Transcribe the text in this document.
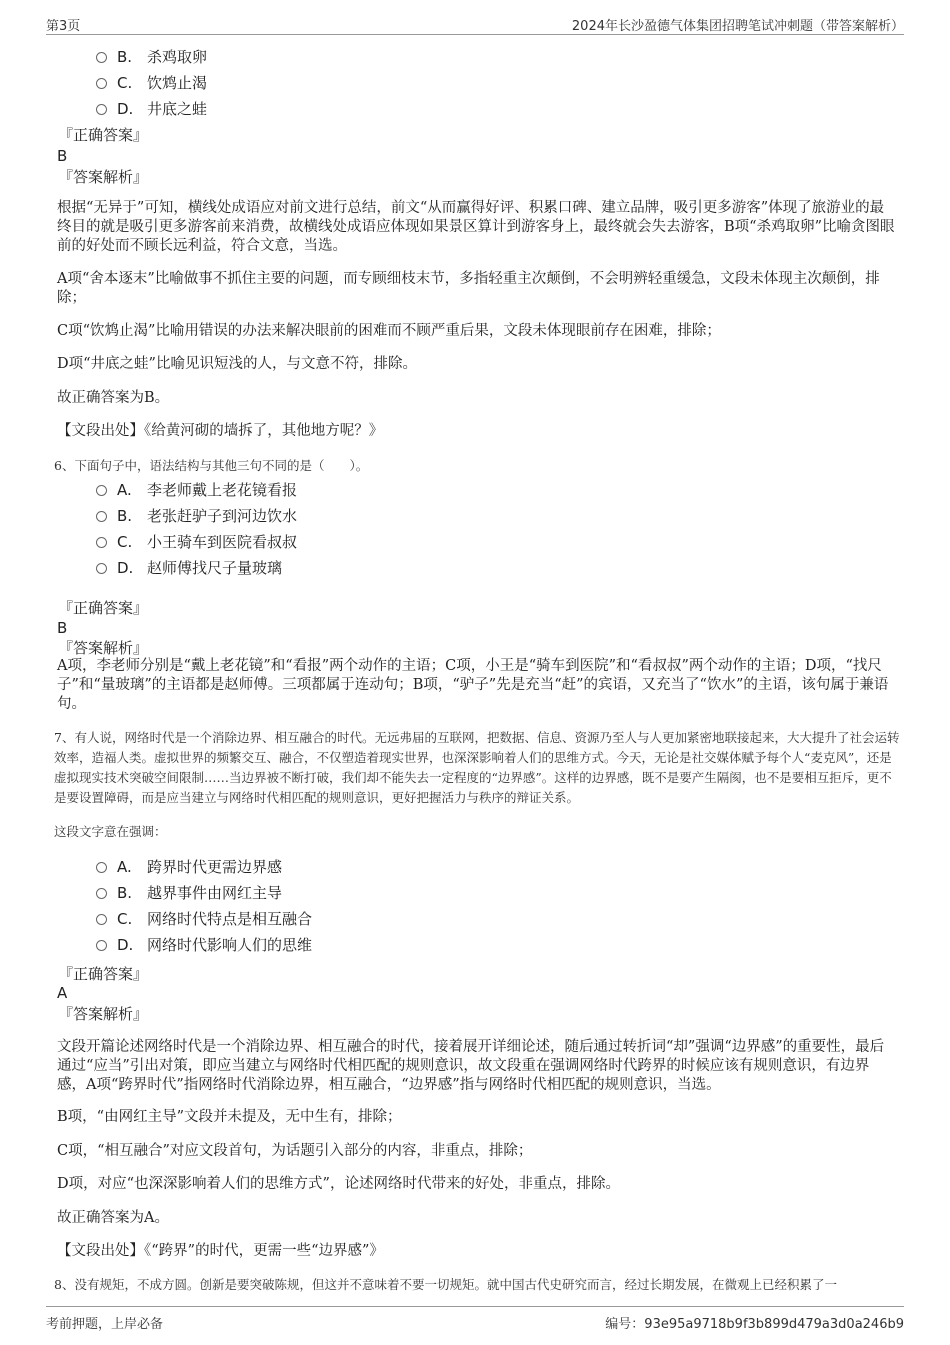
第3页	2024年长沙盈德气体集团招聘笔试冲刺题（带答案解析）
B. 杀鸡取卵
C. 饮鸩止渴
D. 井底之蛙
『正确答案』
B
『答案解析』
根据“无异于”可知，横线处成语应对前文进行总结，前文“从而赢得好评、积累口碑、建立品牌，吸引更多游客”体现了旅游业的最终目的就是吸引更多游客前来消费，故横线处成语应体现如果景区算计到游客身上，最终就会失去游客，B项“杀鸡取卵”比喻贪图眼前的好处而不顾长远利益，符合文意，当选。
A项“舍本逐末”比喻做事不抓住主要的问题，而专顾细枝末节，多指轻重主次颠倒，不会明辨轻重缓急，文段未体现主次颠倒，排除；
C项“饮鸩止渴”比喻用错误的办法来解决眼前的困难而不顾严重后果，文段未体现眼前存在困难，排除；
D项“井底之蛙”比喻见识短浅的人，与文意不符，排除。
故正确答案为B。
【文段出处】《给黄河砌的墙拆了，其他地方呢？》
6、下面句子中，语法结构与其他三句不同的是（　　）。
A. 李老师戴上老花镜看报
B. 老张赶驴子到河边饮水
C. 小王骑车到医院看叔叔
D. 赵师傅找尺子量玻璃
『正确答案』
B
『答案解析』
A项，李老师分别是“戴上老花镜”和“看报”两个动作的主语；C项，小王是“骑车到医院”和“看叔叔”两个动作的主语；D项，“找尺子”和“量玻璃”的主语都是赵师傅。三项都属于连动句；B项，“驴子”先是充当“赶”的宾语，又充当了“饮水”的主语，该句属于兼语句。
7、有人说，网络时代是一个消除边界、相互融合的时代。无远弗届的互联网，把数据、信息、资源乃至人与人更加紧密地联接起来，大大提升了社会运转效率，造福人类。虚拟世界的频繁交互、融合，不仅塑造着现实世界，也深深影响着人们的思维方式。今天，无论是社交媒体赋予每个人“麦克风”，还是虚拟现实技术突破空间限制……当边界被不断打破，我们却不能失去一定程度的“边界感”。这样的边界感，既不是要产生隔阂，也不是要相互拒斥，更不是要设置障碍，而是应当建立与网络时代相匹配的规则意识，更好把握活力与秩序的辩证关系。
这段文字意在强调：
A. 跨界时代更需边界感
B. 越界事件由网红主导
C. 网络时代特点是相互融合
D. 网络时代影响人们的思维
『正确答案』
A
『答案解析』
文段开篇论述网络时代是一个消除边界、相互融合的时代，接着展开详细论述，随后通过转折词“却”强调“边界感”的重要性，最后通过“应当”引出对策，即应当建立与网络时代相匹配的规则意识，故文段重在强调网络时代跨界的时候应该有规则意识，有边界感，A项“跨界时代”指网络时代消除边界，相互融合，“边界感”指与网络时代相匹配的规则意识，当选。
B项，“由网红主导”文段并未提及，无中生有，排除；
C项，“相互融合”对应文段首句，为话题引入部分的内容，非重点，排除；
D项，对应“也深深影响着人们的思维方式”，论述网络时代带来的好处，非重点，排除。
故正确答案为A。
【文段出处】《“跨界”的时代，更需一些“边界感”》
8、没有规矩，不成方圆。创新是要突破陈规，但这并不意味着不要一切规矩。就中国古代史研究而言，经过长期发展，在微观上已经积累了一
考前押题，上岸必备	编号：93e95a9718b9f3b899d479a3d0a246b9
